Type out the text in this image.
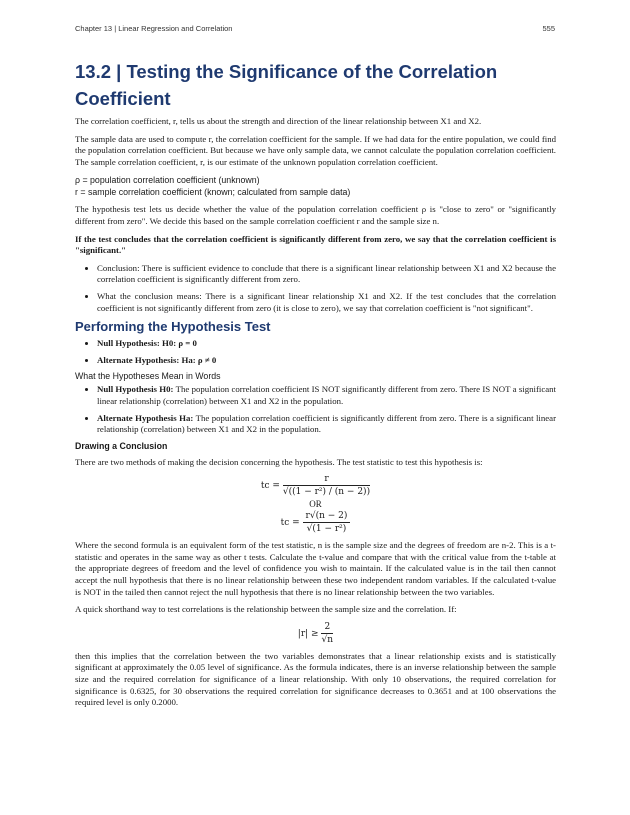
Chapter 13 | Linear Regression and Correlation	555
13.2 | Testing the Significance of the Correlation Coefficient

The correlation coefficient, r, tells us about the strength and direction of the linear relationship between X1 and X2.

The sample data are used to compute r, the correlation coefficient for the sample. If we had data for the entire population, we could find the population correlation coefficient. But because we have only sample data, we cannot calculate the population correlation coefficient. The sample correlation coefficient, r, is our estimate of the unknown population correlation coefficient.

ρ = population correlation coefficient (unknown)
r = sample correlation coefficient (known; calculated from sample data)

The hypothesis test lets us decide whether the value of the population correlation coefficient ρ is "close to zero" or "significantly different from zero". We decide this based on the sample correlation coefficient r and the sample size n.

If the test concludes that the correlation coefficient is significantly different from zero, we say that the correlation coefficient is "significant."

• Conclusion: There is sufficient evidence to conclude that there is a significant linear relationship between X1 and X2 because the correlation coefficient is significantly different from zero.
• What the conclusion means: There is a significant linear relationship X1 and X2. If the test concludes that the correlation coefficient is not significantly different from zero (it is close to zero), we say that correlation coefficient is "not significant".
Performing the Hypothesis Test
• Null Hypothesis: H0: ρ = 0
• Alternate Hypothesis: Ha: ρ ≠ 0
What the Hypotheses Mean in Words
• Null Hypothesis H0: The population correlation coefficient IS NOT significantly different from zero. There IS NOT a significant linear relationship (correlation) between X1 and X2 in the population.
• Alternate Hypothesis Ha: The population correlation coefficient is significantly different from zero. There is a significant linear relationship (correlation) between X1 and X2 in the population.
Drawing a Conclusion

There are two methods of making the decision concerning the hypothesis. The test statistic to test this hypothesis is:

tc = $\frac{r}{\text{√((1 − r²) / (n − 2))}}$
OR
tc = $\frac{r√(n - 2)}{\text{√(1 − r²)}}$

Where the second formula is an equivalent form of the test statistic, n is the sample size and the degrees of freedom are n-2. This is a t-statistic and operates in the same way as other t tests. Calculate the t-value and compare that with the critical value from the t-table at the appropriate degrees of freedom and the level of confidence you wish to maintain. If the calculated value is in the tail then cannot accept the null hypothesis that there is no linear relationship between these two independent random variables. If the calculated t-value is NOT in the tailed then cannot reject the null hypothesis that there is no linear relationship between the two variables.

A quick shorthand way to test correlations is the relationship between the sample size and the correlation. If:

$|r| \ge \frac{2}{√n}$

then this implies that the correlation between the two variables demonstrates that a linear relationship exists and is statistically significant at approximately the 0.05 level of significance. As the formula indicates, there is an inverse relationship between the sample size and the required correlation for significance of a linear relationship. With only 10 observations, the required correlation for significance is 0.6325, for 30 observations the required correlation for significance decreases to 0.3651 and at 100 observations the required level is only 0.2000.
